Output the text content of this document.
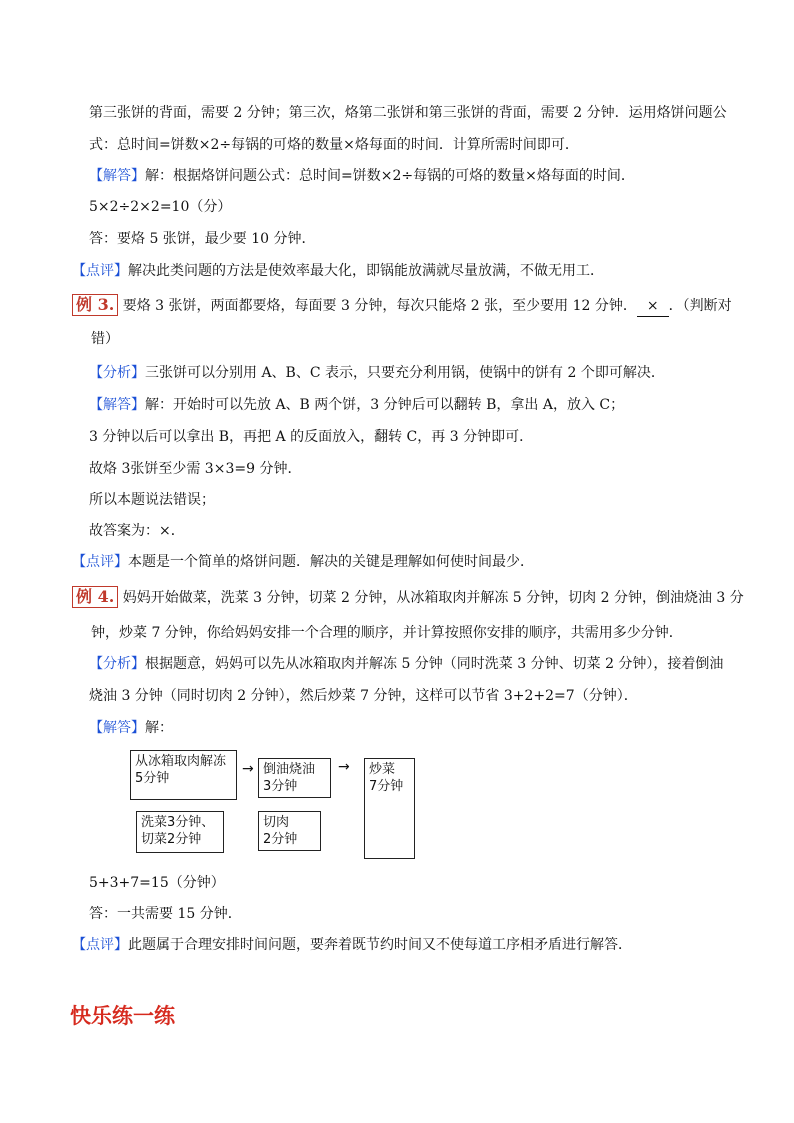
第三张饼的背面，需要 2 分钟；第三次，烙第二张饼和第三张饼的背面，需要 2 分钟．运用烙饼问题公
式：总时间=饼数×2÷每锅的可烙的数量×烙每面的时间．计算所需时间即可．
【解答】解：根据烙饼问题公式：总时间=饼数×2÷每锅的可烙的数量×烙每面的时间．
5×2÷2×2=10（分）
答：要烙 5 张饼，最少要 10 分钟．
【点评】解决此类问题的方法是使效率最大化，即锅能放满就尽量放满，不做无用工．
例 3. 要烙 3 张饼，两面都要烙，每面要 3 分钟，每次只能烙 2 张，至少要用 12 分钟． × ．（判断对
错）
【分析】三张饼可以分别用 A、B、C 表示，只要充分利用锅，使锅中的饼有 2 个即可解决．
【解答】解：开始时可以先放 A、B 两个饼，3 分钟后可以翻转 B，拿出 A，放入 C；
3 分钟以后可以拿出 B，再把 A 的反面放入，翻转 C，再 3 分钟即可．
故烙 3张饼至少需 3×3=9 分钟．
所以本题说法错误；
故答案为：×．
【点评】本题是一个简单的烙饼问题．解决的关键是理解如何使时间最少．
例 4. 妈妈开始做菜，洗菜 3 分钟，切菜 2 分钟，从冰箱取肉并解冻 5 分钟，切肉 2 分钟，倒油烧油 3 分
钟，炒菜 7 分钟，你给妈妈安排一个合理的顺序，并计算按照你安排的顺序，共需用多少分钟．
【分析】根据题意，妈妈可以先从冰箱取肉并解冻 5 分钟（同时洗菜 3 分钟、切菜 2 分钟），接着倒油
烧油 3 分钟（同时切肉 2 分钟），然后炒菜 7 分钟，这样可以节省 3+2+2=7（分钟）．
【解答】解：
从冰箱取肉解冻
5分钟
→ 倒油烧油
3分钟
→ 炒菜
7分钟
洗菜3分钟、
切菜2分钟
切肉
2分钟
5+3+7=15（分钟）
答：一共需要 15 分钟．
【点评】此题属于合理安排时间问题，要奔着既节约时间又不使每道工序相矛盾进行解答．
快乐练一练
